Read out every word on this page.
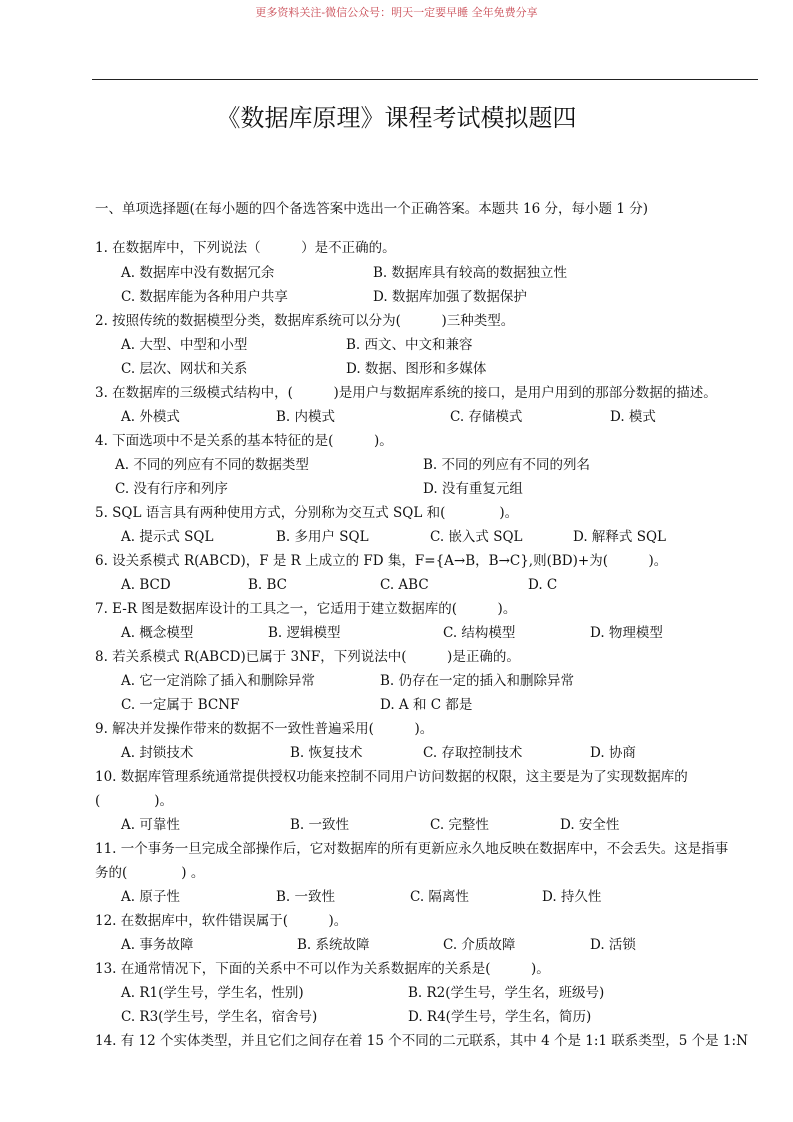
更多资料关注-微信公众号：明天一定要早睡 全年免费分享
《数据库原理》课程考试模拟题四
一、单项选择题(在每小题的四个备选答案中选出一个正确答案。本题共 16 分，每小题 1 分)
1. 在数据库中，下列说法（　　　）是不正确的。
A. 数据库中没有数据冗余	B. 数据库具有较高的数据独立性
C. 数据库能为各种用户共享	D. 数据库加强了数据保护
2. 按照传统的数据模型分类，数据库系统可以分为(　　　)三种类型。
A. 大型、中型和小型	B. 西文、中文和兼容
C. 层次、网状和关系	D. 数据、图形和多媒体
3. 在数据库的三级模式结构中，(　　　)是用户与数据库系统的接口，是用户用到的那部分数据的描述。
A. 外模式	B. 内模式	C. 存储模式	D. 模式
4. 下面选项中不是关系的基本特征的是(　　　)。
A. 不同的列应有不同的数据类型	B. 不同的列应有不同的列名
C. 没有行序和列序	D. 没有重复元组
5. SQL 语言具有两种使用方式，分别称为交互式 SQL 和(　　　　)。
A. 提示式 SQL	B. 多用户 SQL	C. 嵌入式 SQL	D. 解释式 SQL
6. 设关系模式 R(ABCD)，F 是 R 上成立的 FD 集，F={A→B，B→C},则(BD)+为(　　　)。
A. BCD	B. BC	C. ABC	D. C
7. E-R 图是数据库设计的工具之一，它适用于建立数据库的(　　　)。
A. 概念模型	B. 逻辑模型	C. 结构模型	D. 物理模型
8. 若关系模式 R(ABCD)已属于 3NF，下列说法中(　　　)是正确的。
A. 它一定消除了插入和删除异常	B. 仍存在一定的插入和删除异常
C. 一定属于 BCNF	D. A 和 C 都是
9. 解决并发操作带来的数据不一致性普遍采用(　　　)。
A. 封锁技术	B. 恢复技术	C. 存取控制技术	D. 协商
10. 数据库管理系统通常提供授权功能来控制不同用户访问数据的权限，这主要是为了实现数据库的
(　　　　)。
A. 可靠性	B. 一致性	C. 完整性	D. 安全性
11. 一个事务一旦完成全部操作后，它对数据库的所有更新应永久地反映在数据库中，不会丢失。这是指事
务的(　　　　) 。
A. 原子性	B. 一致性	C. 隔离性	D. 持久性
12. 在数据库中，软件错误属于(　　　)。
A. 事务故障	B. 系统故障	C. 介质故障	D. 活锁
13. 在通常情况下，下面的关系中不可以作为关系数据库的关系是(　　　)。
A. R1(学生号，学生名，性别)	B. R2(学生号，学生名，班级号)
C. R3(学生号，学生名，宿舍号)	D. R4(学生号，学生名，简历)
14. 有 12 个实体类型，并且它们之间存在着 15 个不同的二元联系，其中 4 个是 1:1 联系类型，5 个是 1:N
